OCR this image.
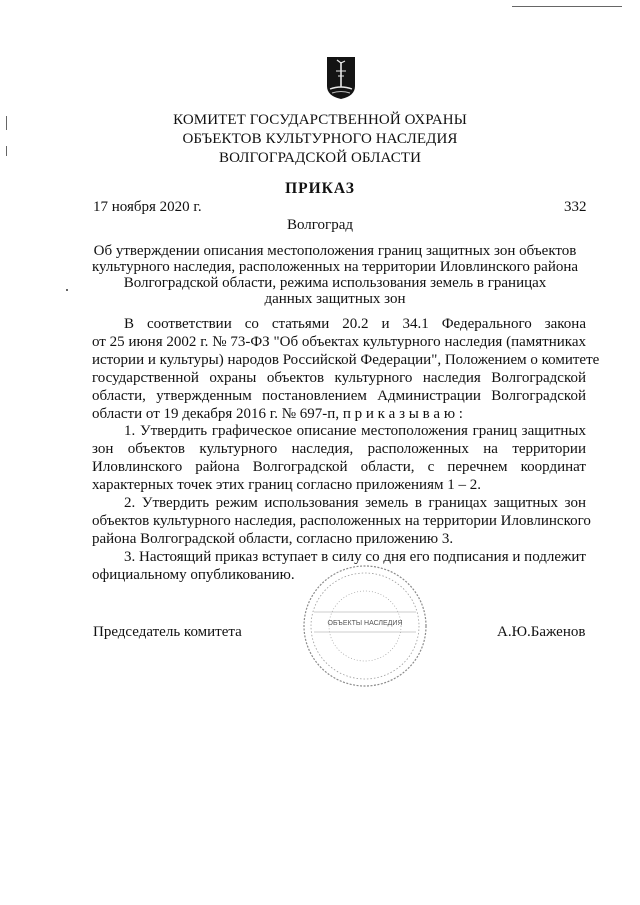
КОМИТЕТ ГОСУДАРСТВЕННОЙ ОХРАНЫ
ОБЪЕКТОВ КУЛЬТУРНОГО НАСЛЕДИЯ
ВОЛГОГРАДСКОЙ ОБЛАСТИ
ПРИКАЗ
17 ноября 2020 г.	332
Волгоград
Об утверждении описания местоположения границ защитных зон объектов
культурного наследия, расположенных на территории Иловлинского района
Волгоградской области, режима использования земель в границах
данных защитных зон
В соответствии со статьями 20.2 и 34.1 Федерального закона
от 25 июня 2002 г. № 73-ФЗ "Об объектах культурного наследия (памятниках
истории и культуры) народов Российской Федерации", Положением о комитете
государственной охраны объектов культурного наследия Волгоградской
области, утвержденным постановлением Администрации Волгоградской
области от 19 декабря 2016 г. № 697-п, п р и к а з ы в а ю :
1. Утвердить графическое описание местоположения границ защитных
зон объектов культурного наследия, расположенных на территории
Иловлинского района Волгоградской области, с перечнем координат
характерных точек этих границ согласно приложениям 1 – 2.
2. Утвердить режим использования земель в границах защитных зон
объектов культурного наследия, расположенных на территории Иловлинского
района Волгоградской области, согласно приложению 3.
3. Настоящий приказ вступает в силу со дня его подписания и подлежит
официальному опубликованию.
ОБЪЕКТЫ НАСЛЕДИЯ
Председатель комитета	А.Ю.Баженов
